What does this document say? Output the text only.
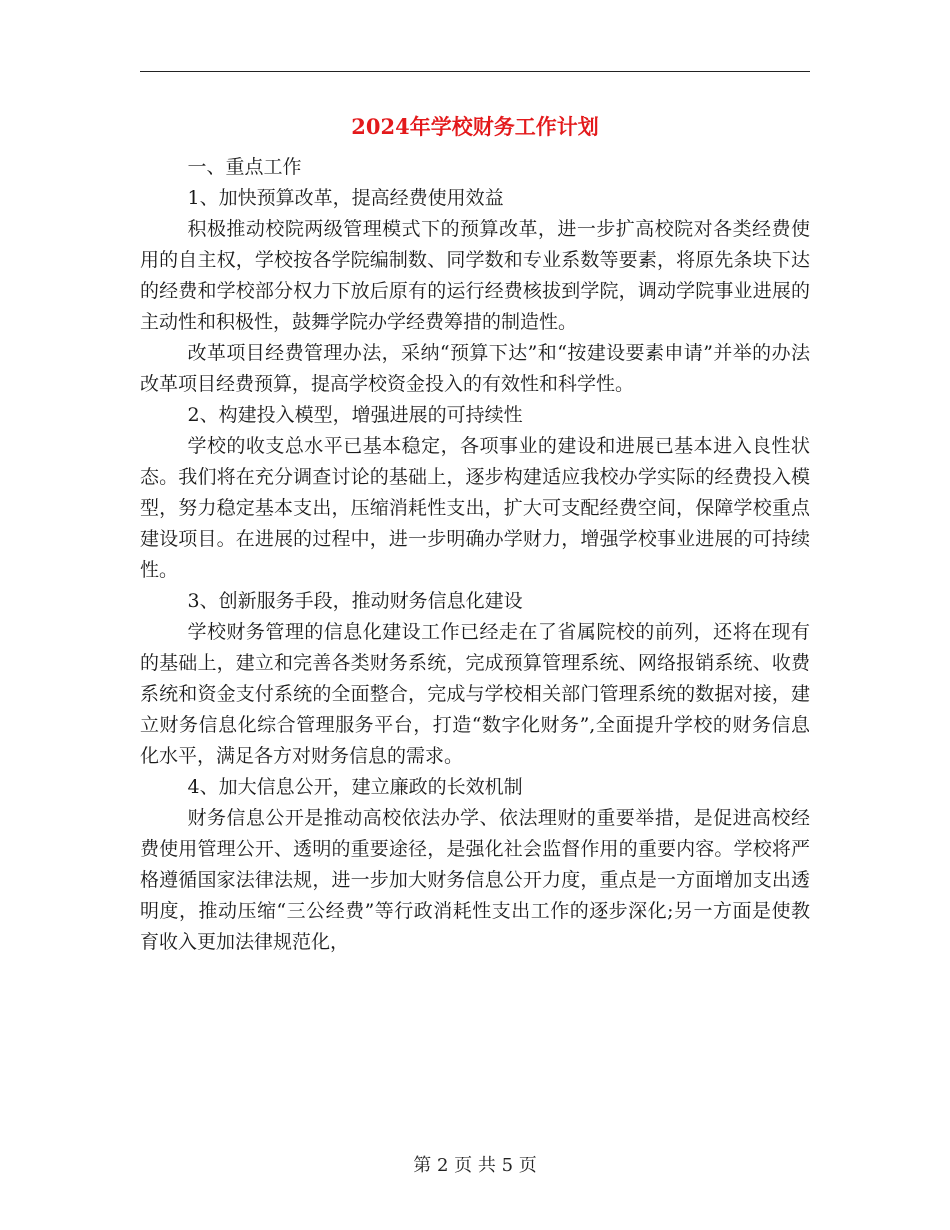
2024年学校财务工作计划

一、重点工作

1、加快预算改革，提高经费使用效益

积极推动校院两级管理模式下的预算改革，进一步扩高校院对各类经费使用的自主权，学校按各学院编制数、同学数和专业系数等要素，将原先条块下达的经费和学校部分权力下放后原有的运行经费核拔到学院，调动学院事业进展的主动性和积极性，鼓舞学院办学经费筹措的制造性。

改革项目经费管理办法，采纳“预算下达”和“按建设要素申请”并举的办法改革项目经费预算，提高学校资金投入的有效性和科学性。

2、构建投入模型，增强进展的可持续性

学校的收支总水平已基本稳定，各项事业的建设和进展已基本进入良性状态。我们将在充分调查讨论的基础上，逐步构建适应我校办学实际的经费投入模型，努力稳定基本支出，压缩消耗性支出，扩大可支配经费空间，保障学校重点建设项目。在进展的过程中，进一步明确办学财力，增强学校事业进展的可持续性。

3、创新服务手段，推动财务信息化建设

学校财务管理的信息化建设工作已经走在了省属院校的前列，还将在现有的基础上，建立和完善各类财务系统，完成预算管理系统、网络报销系统、收费系统和资金支付系统的全面整合，完成与学校相关部门管理系统的数据对接，建立财务信息化综合管理服务平台，打造“数字化财务”,全面提升学校的财务信息化水平，满足各方对财务信息的需求。

4、加大信息公开，建立廉政的长效机制

财务信息公开是推动高校依法办学、依法理财的重要举措，是促进高校经费使用管理公开、透明的重要途径，是强化社会监督作用的重要内容。学校将严格遵循国家法律法规，进一步加大财务信息公开力度，重点是一方面增加支出透明度，推动压缩“三公经费”等行政消耗性支出工作的逐步深化;另一方面是使教育收入更加法律规范化，

第 2 页 共 5 页
